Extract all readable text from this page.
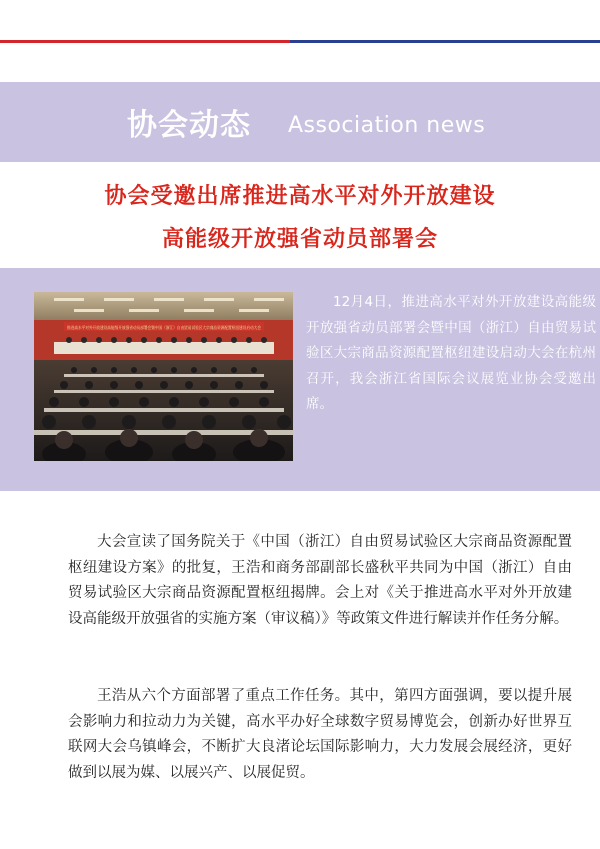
协会动态 Association news
协会受邀出席推进高水平对外开放建设
高能级开放强省动员部署会
推进高水平对外开放建设高能级开放强省动员部署会暨中国（浙江）自由贸易试验区大宗商品资源配置枢纽建设启动大会
12月4日，推进高水平对外开放建设高能级开放强省动员部署会暨中国（浙江）自由贸易试验区大宗商品资源配置枢纽建设启动大会在杭州召开，我会浙江省国际会议展览业协会受邀出席。

大会宣读了国务院关于《中国（浙江）自由贸易试验区大宗商品资源配置枢纽建设方案》的批复，王浩和商务部副部长盛秋平共同为中国（浙江）自由贸易试验区大宗商品资源配置枢纽揭牌。会上对《关于推进高水平对外开放建设高能级开放强省的实施方案（审议稿）》等政策文件进行解读并作任务分解。

王浩从六个方面部署了重点工作任务。其中，第四方面强调，要以提升展会影响力和拉动力为关键，高水平办好全球数字贸易博览会，创新办好世界互联网大会乌镇峰会，不断扩大良渚论坛国际影响力，大力发展会展经济，更好做到以展为媒、以展兴产、以展促贸。
